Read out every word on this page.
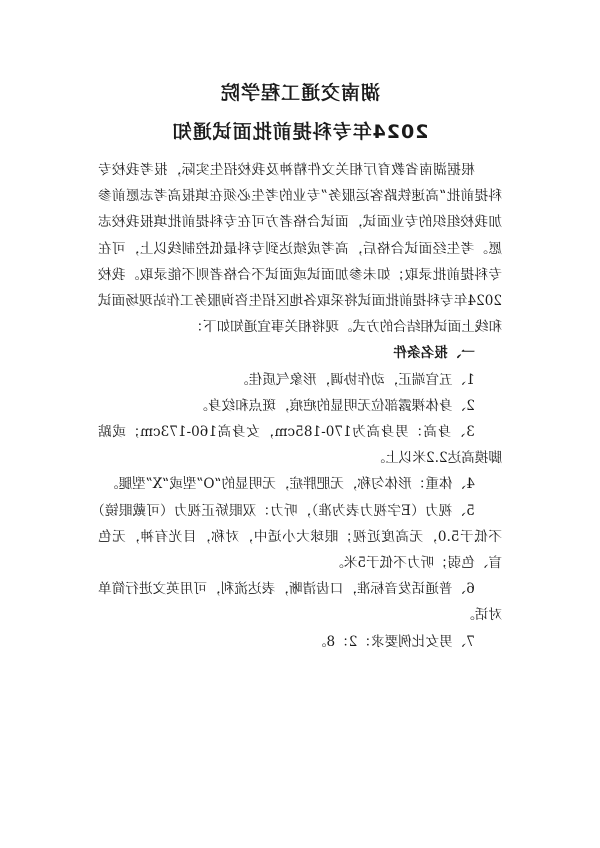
湖南交通工程学院
2024年专科提前批面试通知

根据湖南省教育厅相关文件精神及我校招生实际，报考我校专科提前批“高速铁路客运服务”专业的考生必须在填报高考志愿前参加我校组织的专业面试，面试合格者方可在专科提前批填报我校志愿。考生经面试合格后，高考成绩达到专科最低控制线以上，可在专科提前批录取；如未参加面试或面试不合格者则不能录取。我校2024年专科提前批面试将采取各地区招生咨询服务工作站现场面试和线上面试相结合的方式。现将相关事宜通知如下：

一、报名条件

1、五官端正，动作协调，形象气质佳。

2、身体裸露部位无明显的疤痕，斑点和纹身。

3、身高：男身高为170-185cm，女身高160-173cm；或踮脚摸高达2.2米以上。

4、体重：形体匀称，无肥胖症，无明显的“O”型或“X”型腿。

5、视力（E字视力表为准），听力：双眼矫正视力（可戴眼镜）不低于5.0，无高度近视；眼球大小适中，对称，目光有神，无色盲、色弱；听力不低于5米。

6、普通话发音标准，口齿清晰，表达流利，可用英文进行简单对话。

7、男女比例要求：2：8。
